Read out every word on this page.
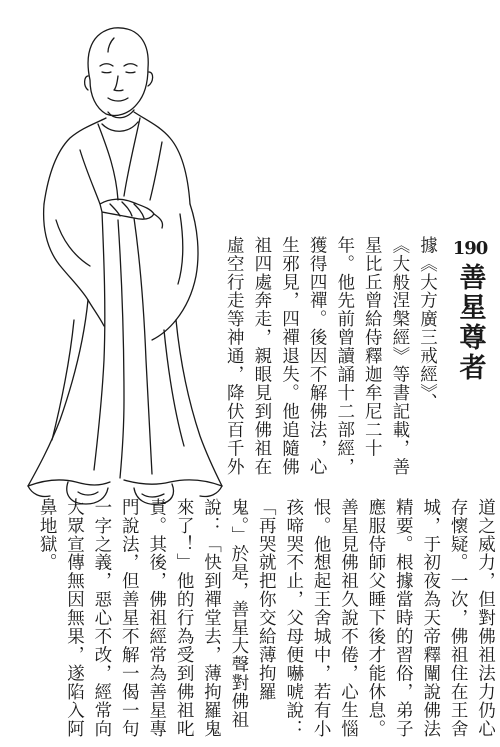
190
善星尊者
據《大方廣三戒經》、
《大般涅槃經》等書記載，善
星比丘曾給侍釋迦牟尼二十
年。他先前曾讀誦十二部經，
獲得四禪。後因不解佛法，心
生邪見，四禪退失。他追隨佛
祖四處奔走，親眼見到佛祖在
虛空行走等神通，降伏百千外
道之威力，但對佛祖法力仍心
存懷疑。一次，佛祖住在王舍
城，于初夜為天帝釋闡說佛法
精要。根據當時的習俗，弟子
應服侍師父睡下後才能休息。
善星見佛祖久說不倦，心生惱
恨。他想起王舍城中，若有小
孩啼哭不止，父母便嚇唬說：
「再哭就把你交給薄拘羅
鬼。」於是，善星大聲對佛祖
說：「快到禪堂去，薄拘羅鬼
來了！」他的行為受到佛祖叱
責。其後，佛祖經常為善星專
門說法，但善星不解一偈一句
一字之義，惡心不改，經常向
大眾宣傳無因無果，遂陷入阿
鼻地獄。
